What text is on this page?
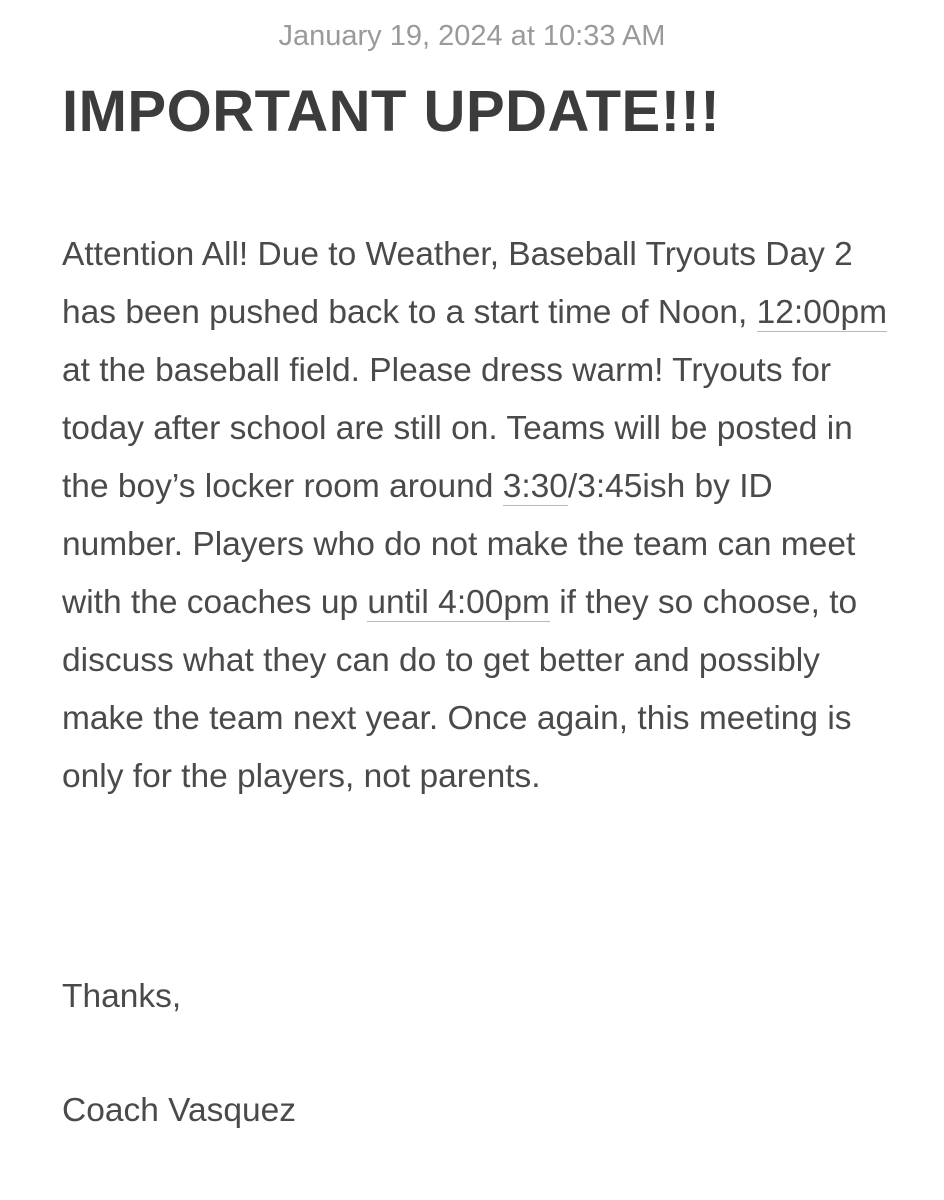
January 19, 2024 at 10:33 AM
IMPORTANT UPDATE!!!
Attention All! Due to Weather, Baseball Tryouts Day 2 has been pushed back to a start time of Noon, 12:00pm at the baseball field. Please dress warm! Tryouts for today after school are still on. Teams will be posted in the boy’s locker room around 3:30/3:45ish by ID number. Players who do not make the team can meet with the coaches up until 4:00pm if they so choose, to discuss what they can do to get better and possibly make the team next year. Once again, this meeting is only for the players, not parents.
Thanks,
Coach Vasquez
